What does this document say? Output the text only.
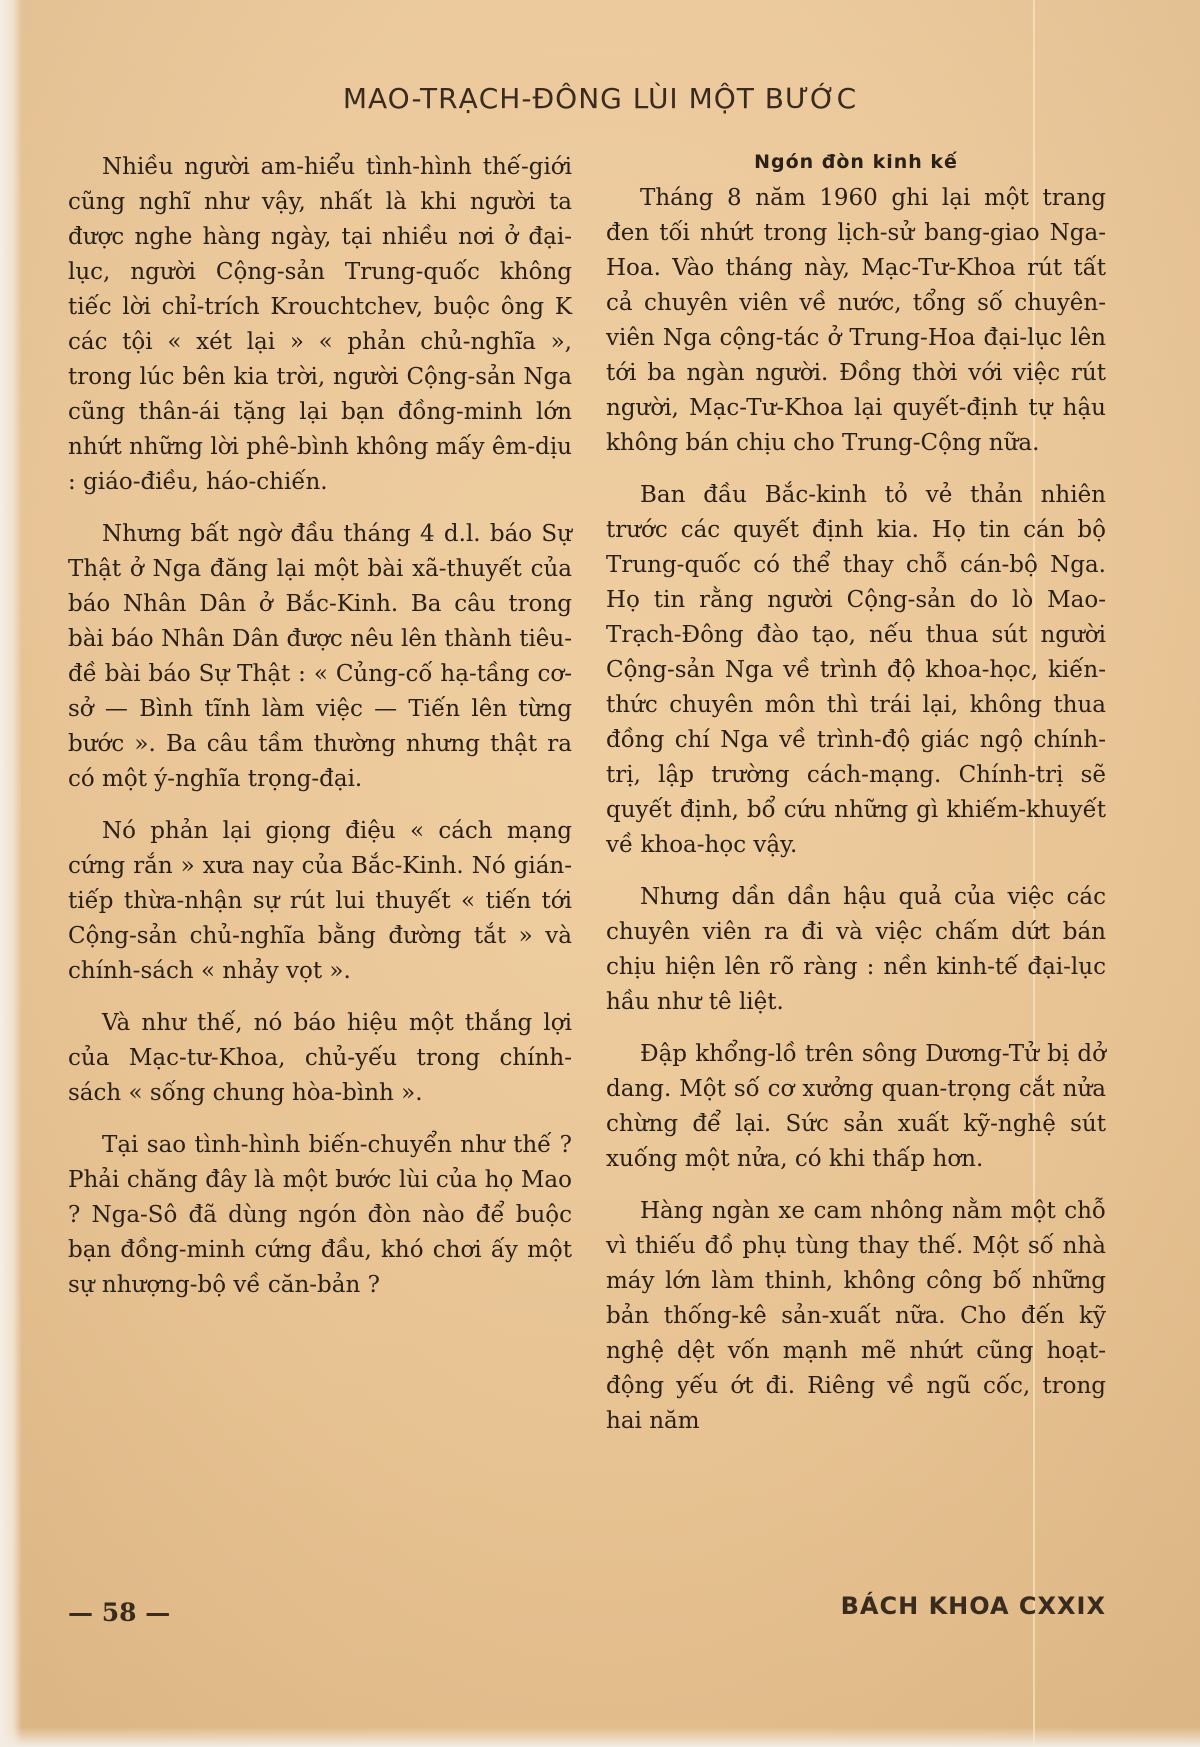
MAO-TRẠCH-ĐÔNG LÙI MỘT BƯỚC

Nhiều người am-hiểu tình-hình thế-giới cũng nghĩ như vậy, nhất là khi người ta được nghe hàng ngày, tại nhiều nơi ở đại-lục, người Cộng-sản Trung-quốc không tiếc lời chỉ-trích Krouchtchev, buộc ông K các tội « xét lại » « phản chủ-nghĩa », trong lúc bên kia trời, người Cộng-sản Nga cũng thân-ái tặng lại bạn đồng-minh lớn nhứt những lời phê-bình không mấy êm-dịu : giáo-điều, háo-chiến.

Nhưng bất ngờ đầu tháng 4 d.l. báo Sự Thật ở Nga đăng lại một bài xã-thuyết của báo Nhân Dân ở Bắc-Kinh. Ba câu trong bài báo Nhân Dân được nêu lên thành tiêu-đề bài báo Sự Thật : « Củng-cố hạ-tầng cơ-sở — Bình tĩnh làm việc — Tiến lên từng bước ». Ba câu tầm thường nhưng thật ra có một ý-nghĩa trọng-đại.

Nó phản lại giọng điệu « cách mạng cứng rắn » xưa nay của Bắc-Kinh. Nó gián-tiếp thừa-nhận sự rút lui thuyết « tiến tới Cộng-sản chủ-nghĩa bằng đường tắt » và chính-sách « nhảy vọt ».

Và như thế, nó báo hiệu một thắng lợi của Mạc-tư-Khoa, chủ-yếu trong chính-sách « sống chung hòa-bình ».

Tại sao tình-hình biến-chuyển như thế ? Phải chăng đây là một bước lùi của họ Mao ? Nga-Sô đã dùng ngón đòn nào để buộc bạn đồng-minh cứng đầu, khó chơi ấy một sự nhượng-bộ về căn-bản ?

Ngón đòn kinh kế

Tháng 8 năm 1960 ghi lại một trang đen tối nhứt trong lịch-sử bang-giao Nga-Hoa. Vào tháng này, Mạc-Tư-Khoa rút tất cả chuyên viên về nước, tổng số chuyên-viên Nga cộng-tác ở Trung-Hoa đại-lục lên tới ba ngàn người. Đồng thời với việc rút người, Mạc-Tư-Khoa lại quyết-định tự hậu không bán chịu cho Trung-Cộng nữa.

Ban đầu Bắc-kinh tỏ vẻ thản nhiên trước các quyết định kia. Họ tin cán bộ Trung-quốc có thể thay chỗ cán-bộ Nga. Họ tin rằng người Cộng-sản do lò Mao-Trạch-Đông đào tạo, nếu thua sút người Cộng-sản Nga về trình độ khoa-học, kiến-thức chuyên môn thì trái lại, không thua đồng chí Nga về trình-độ giác ngộ chính-trị, lập trường cách-mạng. Chính-trị sẽ quyết định, bổ cứu những gì khiếm-khuyết về khoa-học vậy.

Nhưng dần dần hậu quả của việc các chuyên viên ra đi và việc chấm dứt bán chịu hiện lên rõ ràng : nền kinh-tế đại-lục hầu như tê liệt.

Đập khổng-lồ trên sông Dương-Tử bị dở dang. Một số cơ xưởng quan-trọng cắt nửa chừng để lại. Sức sản xuất kỹ-nghệ sút xuống một nửa, có khi thấp hơn.

Hàng ngàn xe cam nhông nằm một chỗ vì thiếu đồ phụ tùng thay thế. Một số nhà máy lớn làm thinh, không công bố những bản thống-kê sản-xuất nữa. Cho đến kỹ nghệ dệt vốn mạnh mẽ nhứt cũng hoạt-động yếu ớt đi. Riêng về ngũ cốc, trong hai năm

— 58 —	BÁCH KHOA CXXIX
